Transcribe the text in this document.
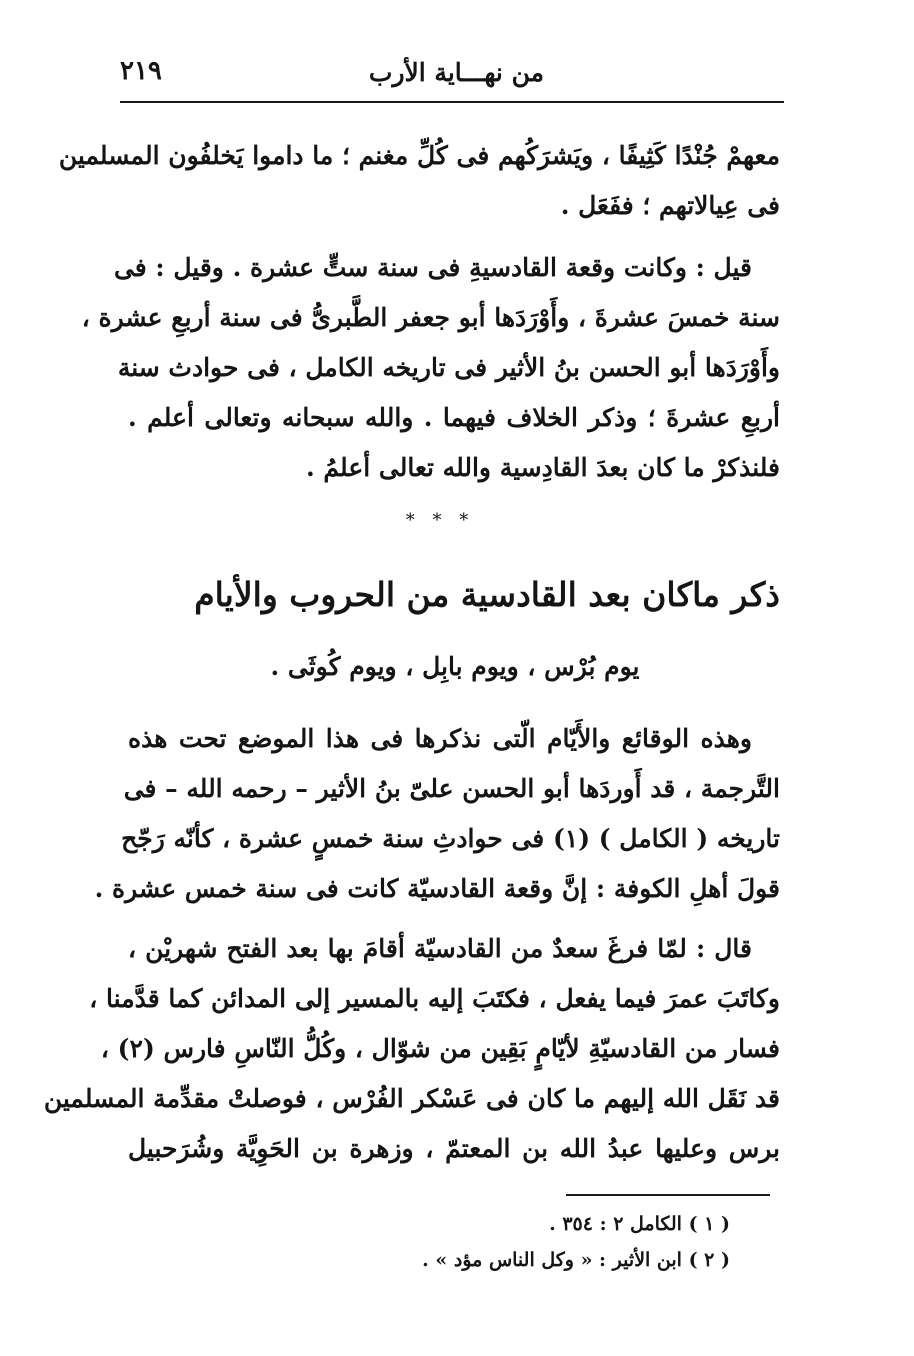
من نهـــاية الأرب
٢١٩
معهمْ جُنْدًا كَثِيفًا ، ويَشرَكُهم فى كُلِّ مغنم ؛ ما داموا يَخلفُون المسلمين
فى عِيالاتهم ؛ ففَعَل .
قيل : وكانت وقعة القادسيةِ فى سنة ستٍّ عشرة . وقيل : فى
سنة خمسَ عشرةَ ، وأَوْرَدَها أبو جعفر الطَّبرىُّ فى سنة أربعِ عشرة ،
وأَوْرَدَها أبو الحسن بنُ الأثير فى تاريخه الكامل ، فى حوادث سنة
أربعِ عشرةَ ؛ وذكر الخلاف فيهما . والله سبحانه وتعالى أعلم .
فلنذكرْ ما كان بعدَ القادِسية والله تعالى أعلمُ .
* * *
ذكر ماكان بعد القادسية من الحروب والأيام
يوم بُرْس ، ويوم بابِل ، ويوم كُوثَى .
وهذه الوقائع والأَيّام الّتى نذكرها فى هذا الموضع تحت هذه
التَّرجمة ، قد أَوردَها أبو الحسن علىّ بنُ الأثير – رحمه الله – فى
تاريخه ( الكامل ) (١) فى حوادثِ سنة خمسٍ عشرة ، كأنّه رَجّح
قولَ أهلِ الكوفة : إنَّ وقعة القادسيّة كانت فى سنة خمس عشرة .
قال : لمّا فرغَ سعدٌ من القادسيّة أقامَ بها بعد الفتح شهريْن ،
وكاتَبَ عمرَ فيما يفعل ، فكتَبَ إليه بالمسير إلى المدائن كما قدَّمنا ،
فسار من القادسيّةِ لأيّامٍ بَقِين من شوّال ، وكُلُّ النّاسِ فارس (٢) ،
قد نَقَل الله إليهم ما كان فى عَسْكر الفُرْس ، فوصلتْ مقدِّمة المسلمين
برس وعليها عبدُ الله بن المعتمّ ، وزهرة بن الحَوِيَّة وشُرَحبيل
( ١ ) الكامل ٢ : ٣٥٤ .
( ٢ ) ابن الأثير : « وكل الناس مؤد » .
